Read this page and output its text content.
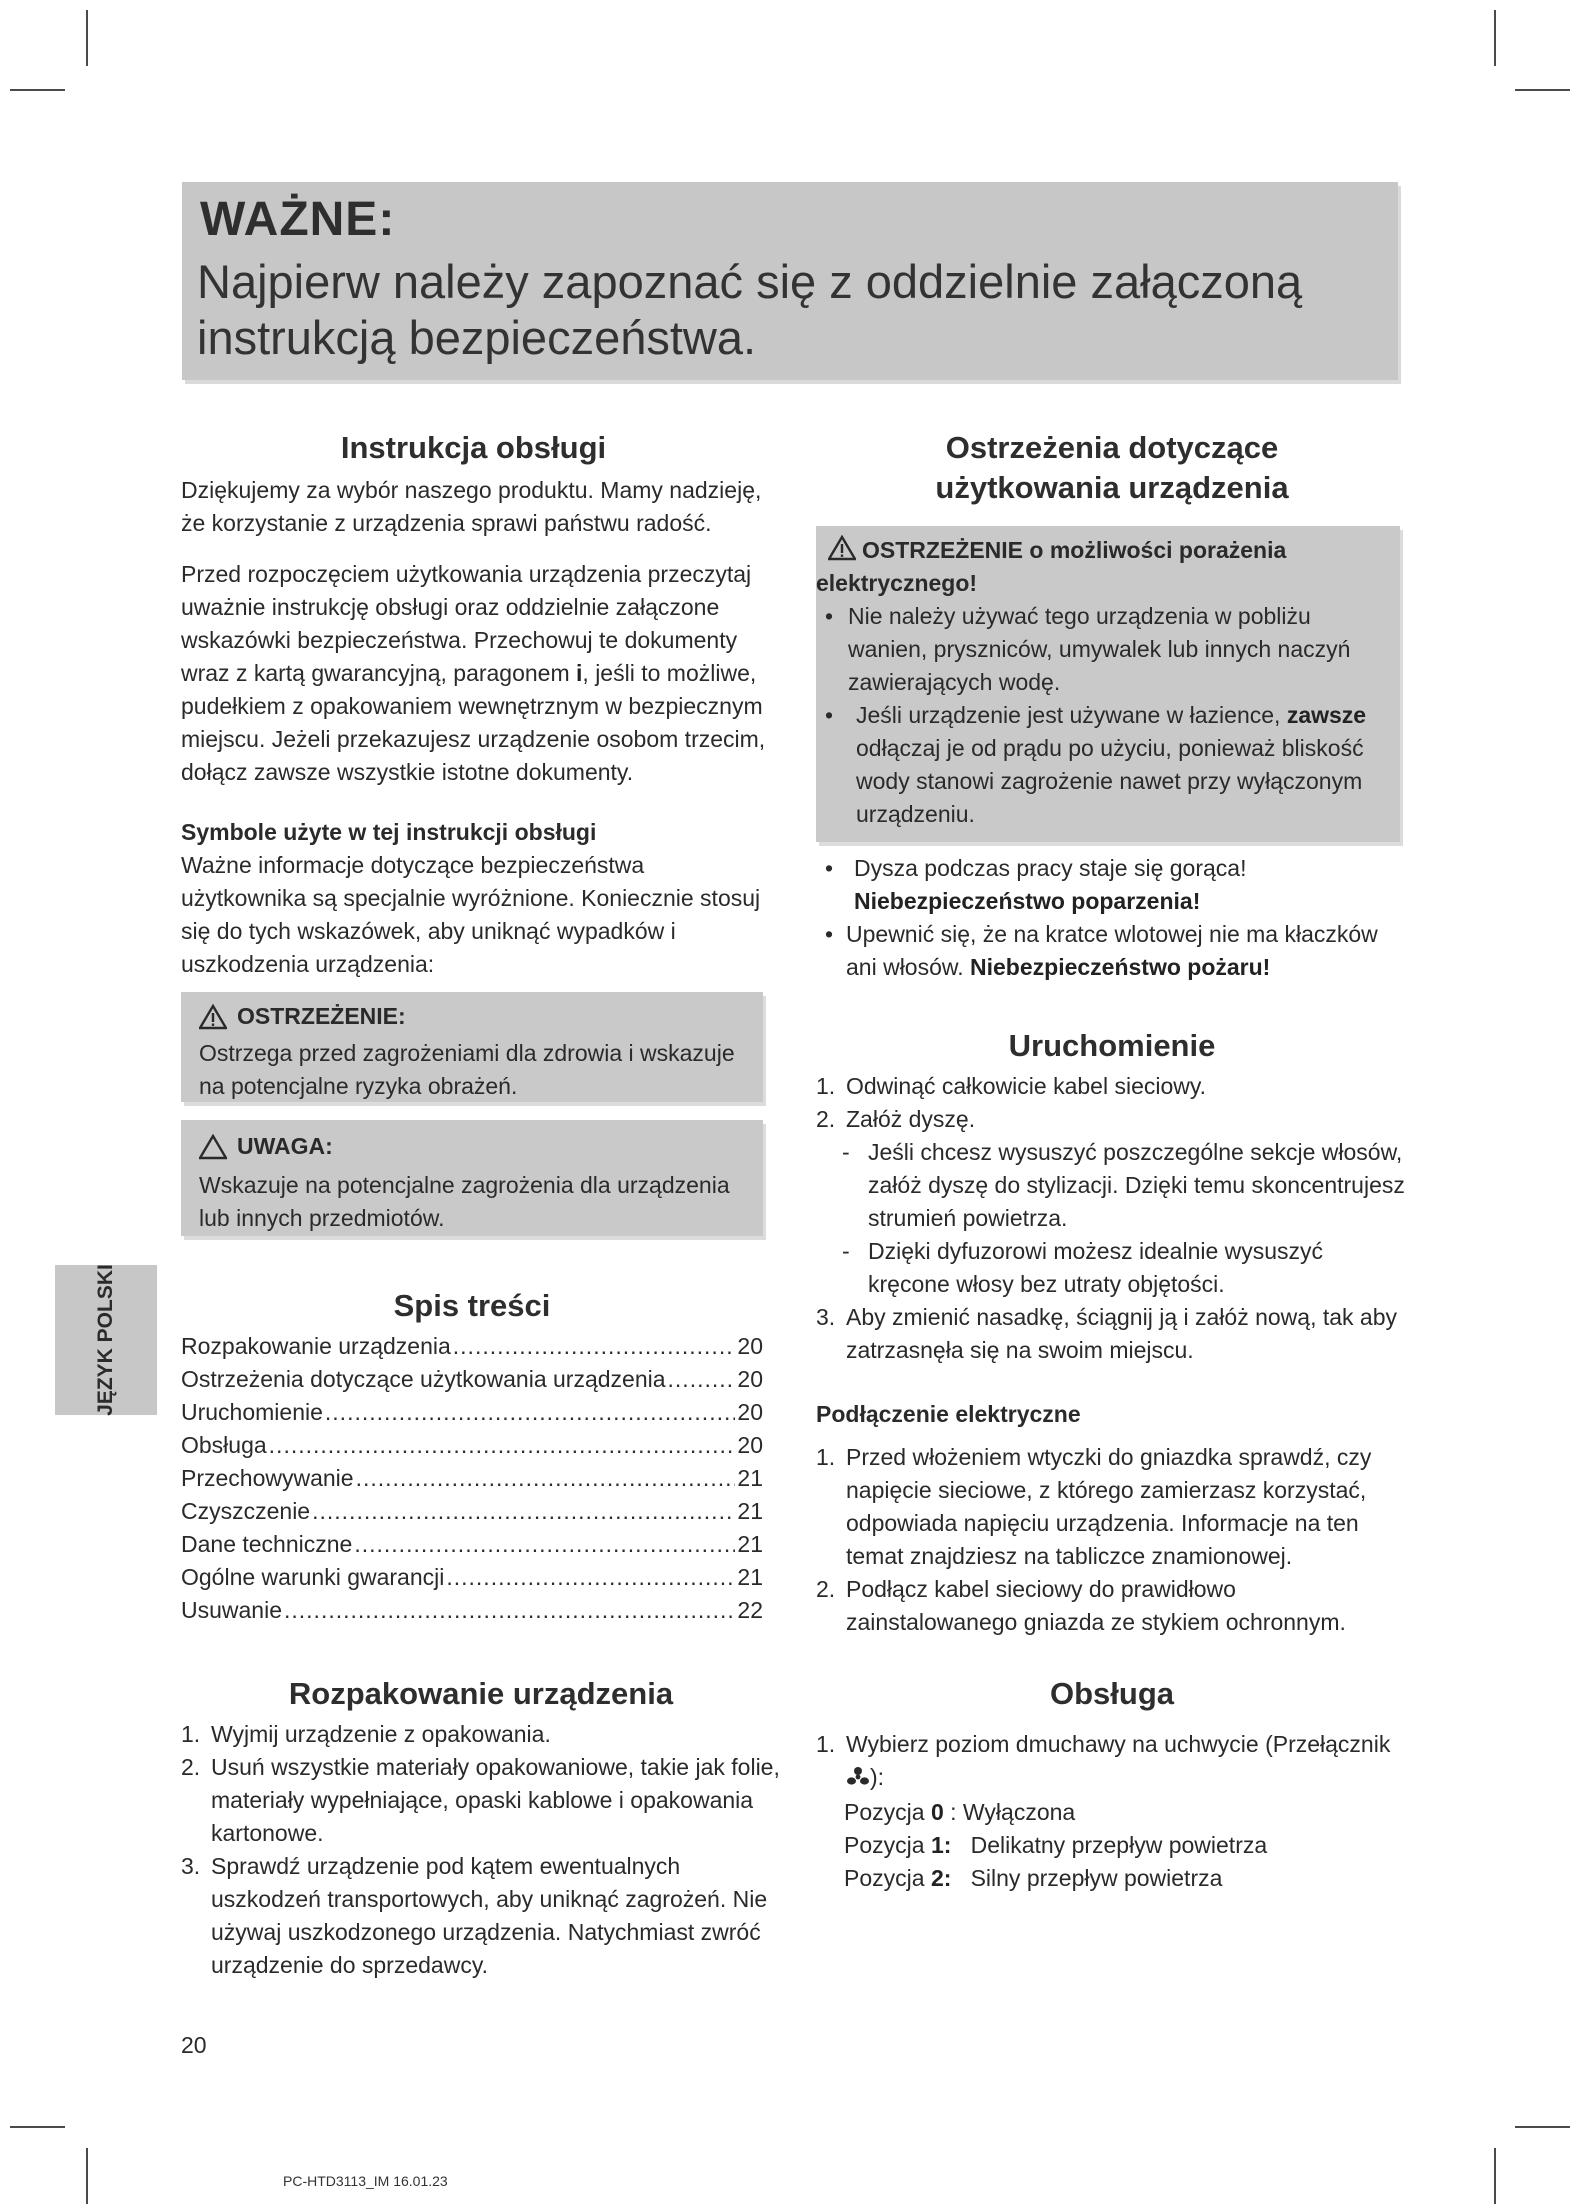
WAŻNE:
Najpierw należy zapoznać się z oddzielnie załączoną instrukcją bezpieczeństwa.
Instrukcja obsługi

Dziękujemy za wybór naszego produktu. Mamy nadzieję, że korzystanie z urządzenia sprawi państwu radość.

Przed rozpoczęciem użytkowania urządzenia przeczytaj uważnie instrukcję obsługi oraz oddzielnie załączone wskazówki bezpieczeństwa. Przechowuj te dokumenty wraz z kartą gwarancyjną, paragonem i, jeśli to możliwe, pudełkiem z opakowaniem wewnętrznym w bezpiecznym miejscu. Jeżeli przekazujesz urządzenie osobom trzecim, dołącz zawsze wszystkie istotne dokumenty.

Symbole użyte w tej instrukcji obsługi

Ważne informacje dotyczące bezpieczeństwa użytkownika są specjalnie wyróżnione. Koniecznie stosuj się do tych wskazówek, aby uniknąć wypadków i uszkodzenia urządzenia:

OSTRZEŻENIE:

Ostrzega przed zagrożeniami dla zdrowia i wskazuje na potencjalne ryzyka obrażeń.

UWAGA:

Wskazuje na potencjalne zagrożenia dla urządzenia lub innych przedmiotów.

JĘZYK POLSKI	Spis treści
Rozpakowanie urządzenia .....	20
Ostrzeżenia dotyczące użytkowania urządzenia .....	20
Uruchomienie .....	20
Obsługa .....	20
Przechowywanie .....	21
Czyszczenie .....	21
Dane techniczne .....	21
Ogólne warunki gwarancji .....	21
Usuwanie .....	22
Rozpakowanie urządzenia
1. Wyjmij urządzenie z opakowania.
2. Usuń wszystkie materiały opakowaniowe, takie jak folie, materiały wypełniające, opaski kablowe i opakowania kartonowe.
3. Sprawdź urządzenie pod kątem ewentualnych uszkodzeń transportowych, aby uniknąć zagrożeń. Nie używaj uszkodzonego urządzenia. Natychmiast zwróć urządzenie do sprzedawcy.
Ostrzeżenia dotyczące
użytkowania urządzenia
OSTRZEŻENIE o możliwości porażenia elektrycznego!
• Nie należy używać tego urządzenia w pobliżu wanien, pryszniców, umywalek lub innych naczyń zawierających wodę.
• Jeśli urządzenie jest używane w łazience, zawsze odłączaj je od prądu po użyciu, ponieważ bliskość wody stanowi zagrożenie nawet przy wyłączonym urządzeniu.
• Dysza podczas pracy staje się gorąca! Niebezpieczeństwo poparzenia!
• Upewnić się, że na kratce wlotowej nie ma kłaczków ani włosów. Niebezpieczeństwo pożaru!
Uruchomienie
1. Odwinąć całkowicie kabel sieciowy.
2. Załóż dyszę.
- Jeśli chcesz wysuszyć poszczególne sekcje włosów, załóż dyszę do stylizacji. Dzięki temu skoncentrujesz strumień powietrza.
- Dzięki dyfuzorowi możesz idealnie wysuszyć kręcone włosy bez utraty objętości.
3. Aby zmienić nasadkę, ściągnij ją i załóż nową, tak aby zatrzasnęła się na swoim miejscu.
Podłączenie elektryczne
1. Przed włożeniem wtyczki do gniazdka sprawdź, czy napięcie sieciowe, z którego zamierzasz korzystać, odpowiada napięciu urządzenia. Informacje na ten temat znajdziesz na tabliczce znamionowej.
2. Podłącz kabel sieciowy do prawidłowo zainstalowanego gniazda ze stykiem ochronnym.
Obsługa
1. Wybierz poziom dmuchawy na uchwycie (Przełącznik ):
Pozycja 0 : Wyłączona
Pozycja 1: Delikatny przepływ powietrza
Pozycja 2: Silny przepływ powietrza
20
PC-HTD3113_IM 16.01.23
